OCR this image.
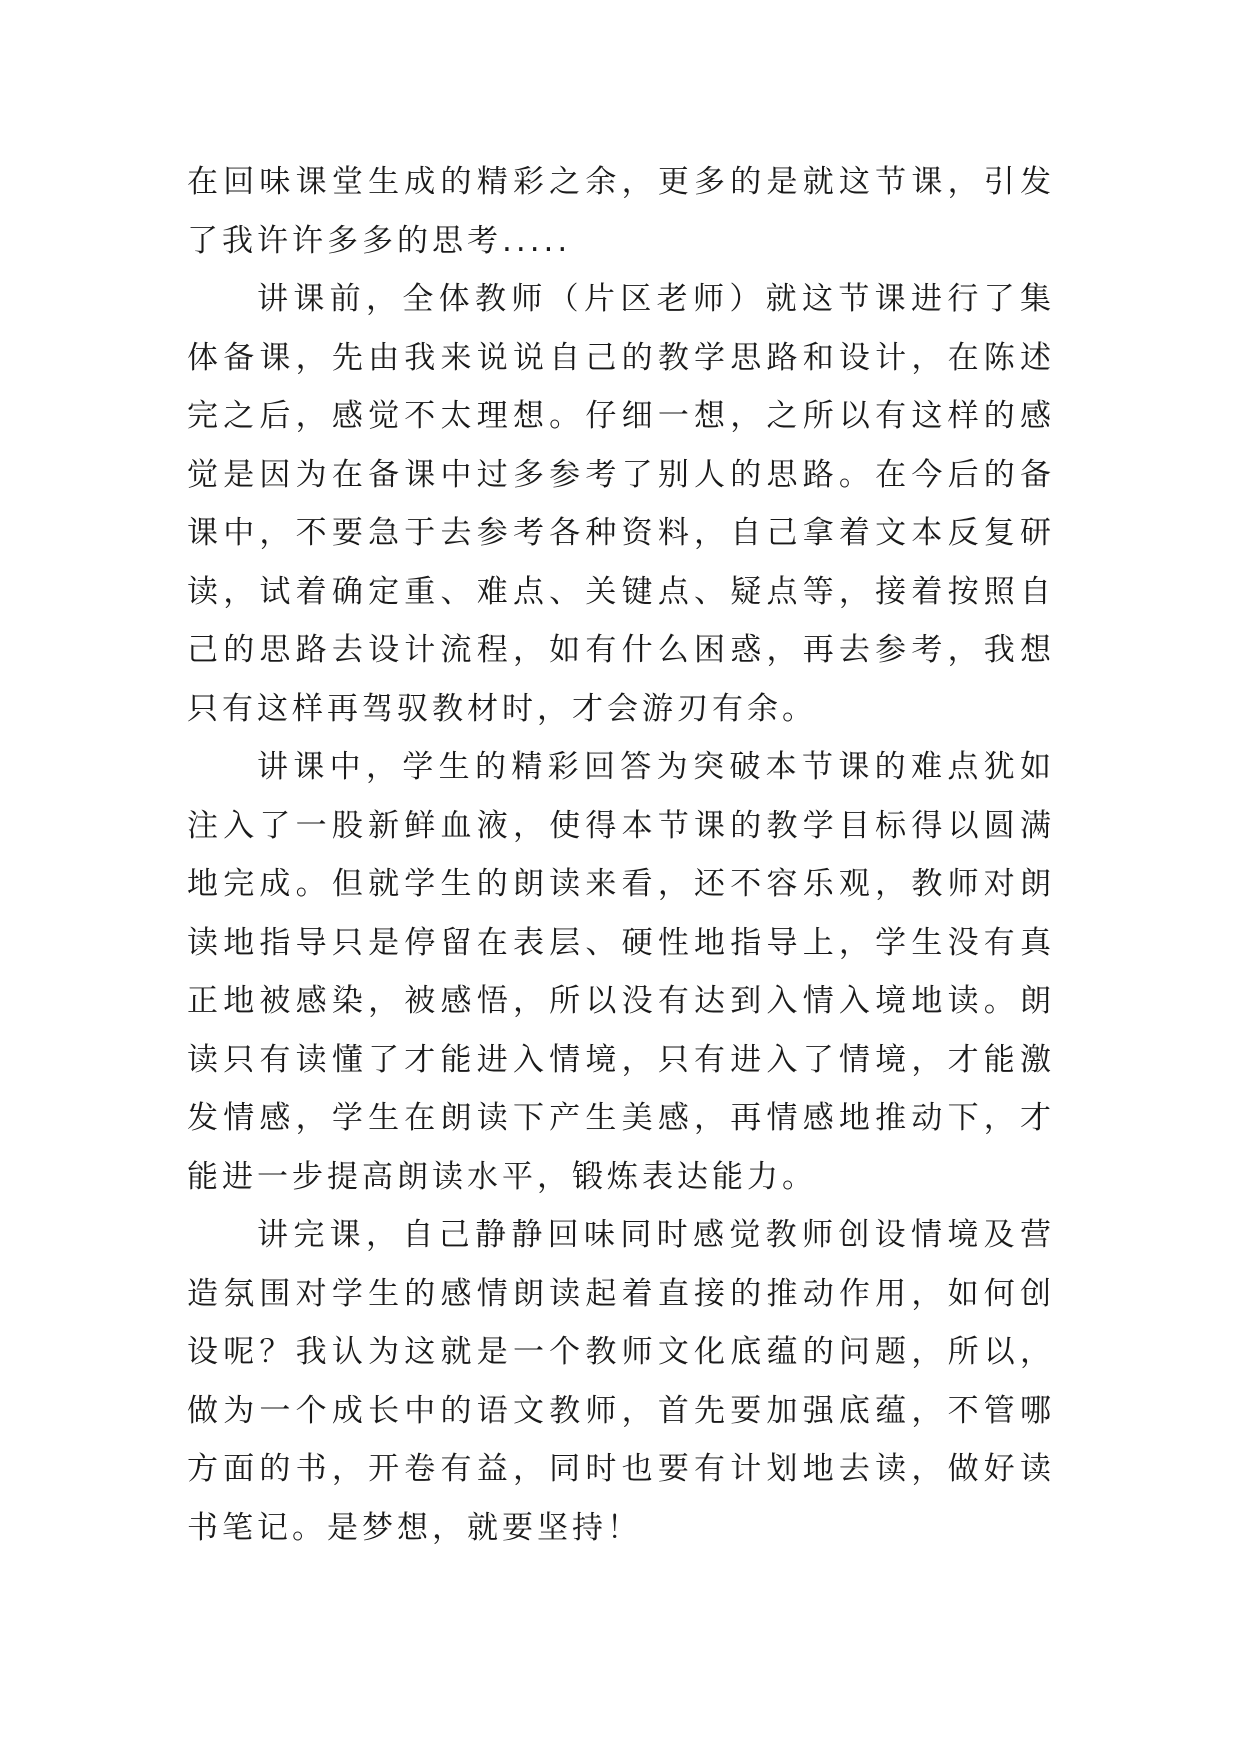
在回味课堂生成的精彩之余，更多的是就这节课，引发了我许许多多的思考.....

讲课前，全体教师（片区老师）就这节课进行了集体备课，先由我来说说自己的教学思路和设计，在陈述完之后，感觉不太理想。仔细一想，之所以有这样的感觉是因为在备课中过多参考了别人的思路。在今后的备课中，不要急于去参考各种资料，自己拿着文本反复研读，试着确定重、难点、关键点、疑点等，接着按照自己的思路去设计流程，如有什么困惑，再去参考，我想只有这样再驾驭教材时，才会游刃有余。

讲课中，学生的精彩回答为突破本节课的难点犹如注入了一股新鲜血液，使得本节课的教学目标得以圆满地完成。但就学生的朗读来看，还不容乐观，教师对朗读地指导只是停留在表层、硬性地指导上，学生没有真正地被感染，被感悟，所以没有达到入情入境地读。朗读只有读懂了才能进入情境，只有进入了情境，才能激发情感，学生在朗读下产生美感，再情感地推动下，才能进一步提高朗读水平，锻炼表达能力。

讲完课，自己静静回味同时感觉教师创设情境及营造氛围对学生的感情朗读起着直接的推动作用，如何创设呢？我认为这就是一个教师文化底蕴的问题，所以，做为一个成长中的语文教师，首先要加强底蕴，不管哪方面的书，开卷有益，同时也要有计划地去读，做好读书笔记。是梦想，就要坚持！
